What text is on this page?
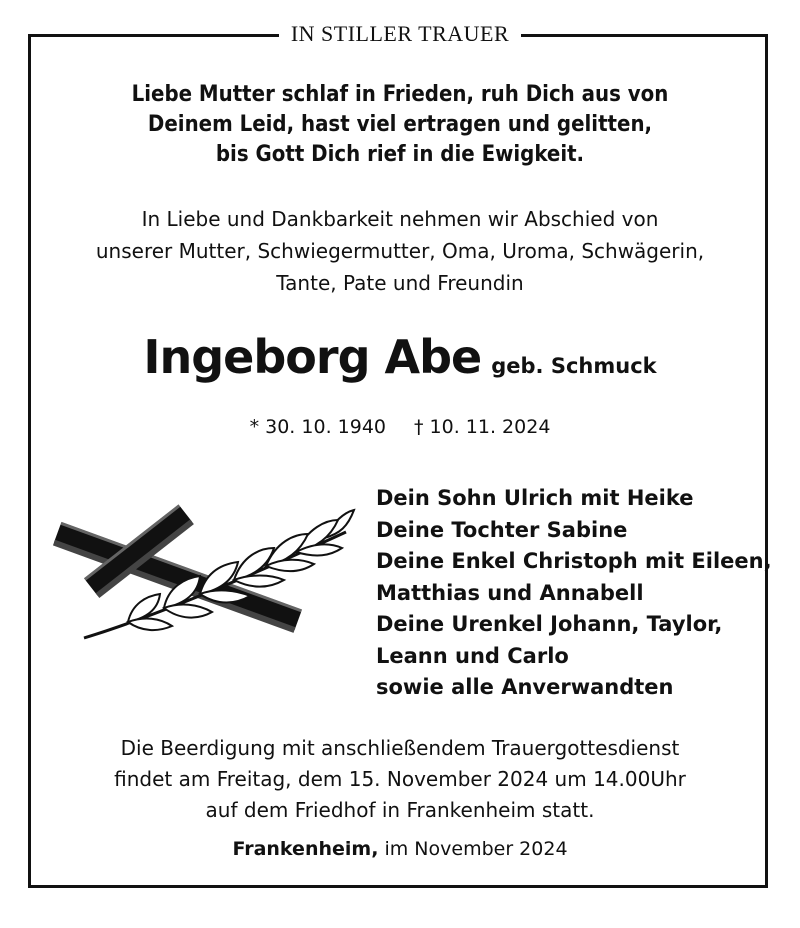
IN STILLER TRAUER
Liebe Mutter schlaf in Frieden, ruh Dich aus von
Deinem Leid, hast viel ertragen und gelitten,
bis Gott Dich rief in die Ewigkeit.
In Liebe und Dankbarkeit nehmen wir Abschied von
unserer Mutter, Schwiegermutter, Oma, Uroma, Schwägerin,
Tante, Pate und Freundin
Ingeborg Abe geb. Schmuck
* 30. 10. 1940 † 10. 11. 2024
Dein Sohn Ulrich mit Heike
Deine Tochter Sabine
Deine Enkel Christoph mit Eileen,
Matthias und Annabell
Deine Urenkel Johann, Taylor,
Leann und Carlo
sowie alle Anverwandten
Die Beerdigung mit anschließendem Trauergottesdienst
findet am Freitag, dem 15. November 2024 um 14.00Uhr
auf dem Friedhof in Frankenheim statt.
Frankenheim, im November 2024
